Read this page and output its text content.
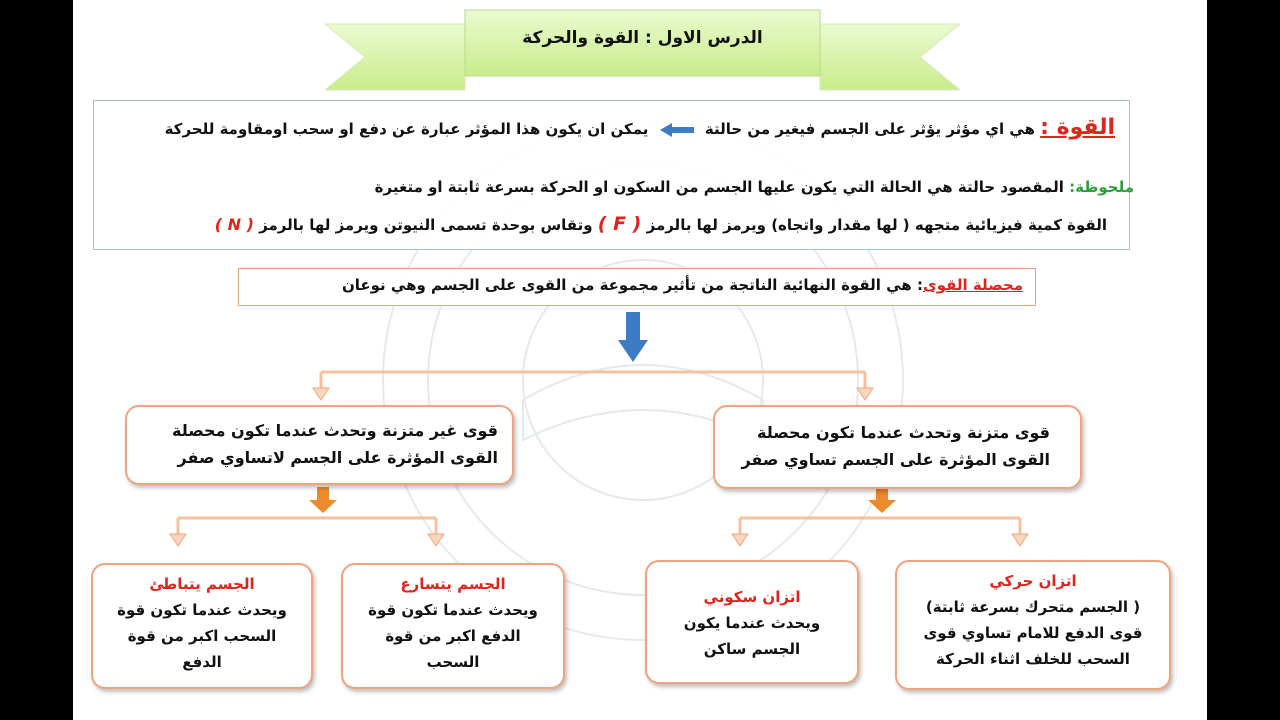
الدرس الاول : القوة والحركة
القوة : هي اي مؤثر يؤثر على الجسم فيغير من حالتة  يمكن ان يكون هذا المؤثر عبارة عن دفع او سحب اومقاومة للحركة
ملحوظة: المقصود حالتة هي الحالة التي يكون عليها الجسم من السكون او الحركة بسرعة ثابتة او متغيرة
القوة كمية فيزيائية متجهه ( لها مقدار واتجاه) ويرمز لها بالرمز ( F ) وتقاس بوحدة تسمى النيوتن ويرمز لها بالرمز ( N )
محصلة القوى: هي القوة النهائية الناتجة من تأثير مجموعة من القوى على الجسم وهي نوعان
قوى غير متزنة وتحدث عندما تكون محصلة
القوى المؤثرة على الجسم لاتساوي صفر
قوى متزنة وتحدث عندما تكون محصلة
القوى المؤثرة على الجسم تساوي صفر
الجسم يتباطئ
ويحدث عندما تكون قوة
السحب اكبر من قوة
الدفع
الجسم يتسارع
ويحدث عندما تكون قوة
الدفع اكبر من قوة
السحب
اتزان سكوني
ويحدث عندما يكون
الجسم ساكن
اتزان حركي
( الجسم متحرك بسرعة ثابتة)
قوى الدفع للامام تساوي قوى
السحب للخلف اثناء الحركة
